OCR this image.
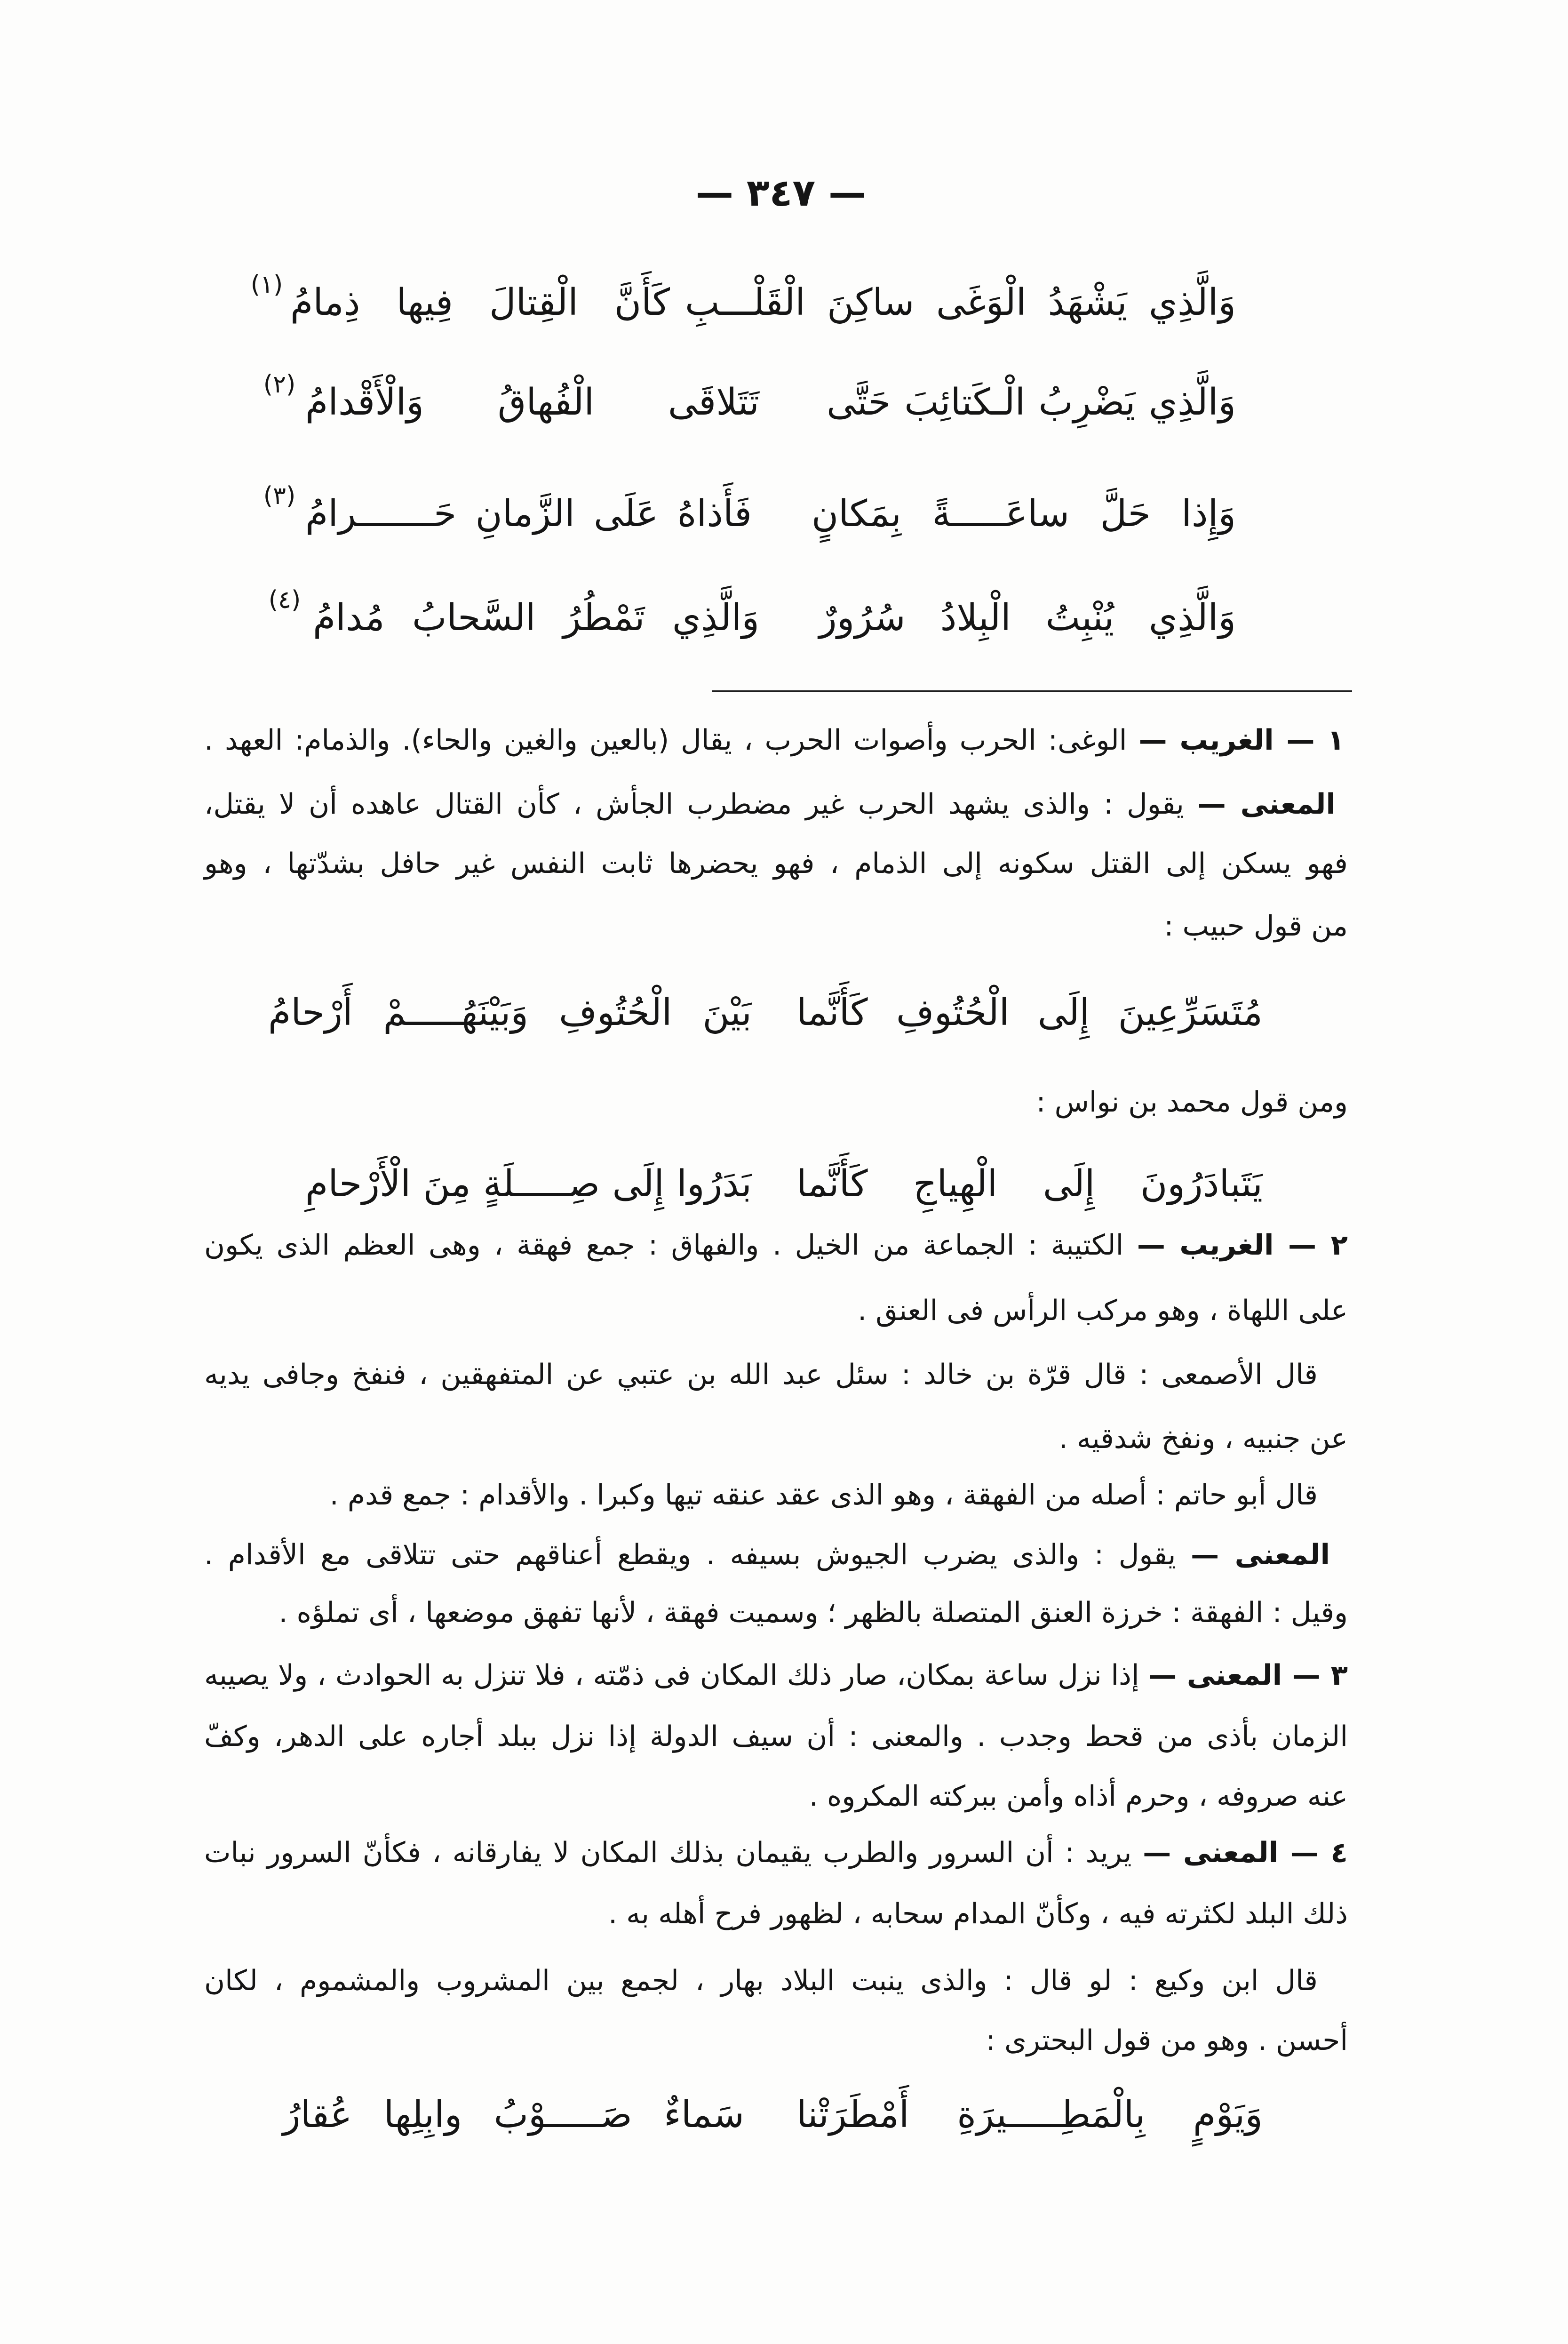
— ٣٤٧ —
وَالَّذِي يَشْهَدُ الْوَغَى ساكِنَ الْقَلْـــبِ
كَأَنَّ الْقِتالَ فِيها ذِمامُ
(١)
وَالَّذِي يَضْرِبُ الْـكَتائِبَ حَتَّى
تَتَلاقَى الْفُهاقُ وَالْأَقْدامُ
(٢)
وَإِذا حَلَّ ساعَـــــةً بِمَكانٍ
فَأَذاهُ عَلَى الزَّمانِ حَـــــــرامُ
(٣)
وَالَّذِي يُنْبِتُ الْبِلادُ سُرُورٌ
وَالَّذِي تَمْطُرُ السَّحابُ مُدامُ
(٤)
١ — الغريب — الوغى: الحرب وأصوات الحرب ، يقال (بالعين والغين والحاء). والذمام: العهد .
المعنى — يقول : والذى يشهد الحرب غير مضطرب الجأش ، كأن القتال عاهده أن لا يقتل،
فهو يسكن إلى القتل سكونه إلى الذمام ، فهو يحضرها ثابت النفس غير حافل بشدّتها ، وهو
من قول حبيب :
مُتَسَرِّعِينَ إِلَى الْحُتُوفِ كَأَنَّما
بَيْنَ الْحُتُوفِ وَبَيْنَهُـــــمْ أَرْحامُ
ومن قول محمد بن نواس :
يَتَبادَرُونَ إِلَى الْهِياجِ كَأَنَّما
بَدَرُوا إِلَى صِـــــلَةٍ مِنَ الْأَرْحامِ
٢ — الغريب — الكتيبة : الجماعة من الخيل . والفهاق : جمع فهقة ، وهى العظم الذى يكون
على اللهاة ، وهو مركب الرأس فى العنق .
قال الأصمعى : قال قرّة بن خالد : سئل عبد الله بن عتبي عن المتفهقين ، فنفخ وجافى يديه
عن جنبيه ، ونفخ شدقيه .
قال أبو حاتم : أصله من الفهقة ، وهو الذى عقد عنقه تيها وكبرا . والأقدام : جمع قدم .
المعنى — يقول : والذى يضرب الجيوش بسيفه . ويقطع أعناقهم حتى تتلاقى مع الأقدام .
وقيل : الفهقة : خرزة العنق المتصلة بالظهر ؛ وسميت فهقة ، لأنها تفهق موضعها ، أى تملؤه .
٣ — المعنى — إذا نزل ساعة بمكان، صار ذلك المكان فى ذمّته ، فلا تنزل به الحوادث ، ولا يصيبه
الزمان بأذى من قحط وجدب . والمعنى : أن سيف الدولة إذا نزل ببلد أجاره على الدهر، وكفّ
عنه صروفه ، وحرم أذاه وأمن ببركته المكروه .
٤ — المعنى — يريد : أن السرور والطرب يقيمان بذلك المكان لا يفارقانه ، فكأنّ السرور نبات
ذلك البلد لكثرته فيه ، وكأنّ المدام سحابه ، لظهور فرح أهله به .
قال ابن وكيع : لو قال : والذى ينبت البلاد بهار ، لجمع بين المشروب والمشموم ، لكان
أحسن . وهو من قول البحترى :
وَيَوْمٍ بِالْمَطِـــــيرَةِ أَمْطَرَتْنا
سَماءٌ صَـــــوْبُ وابِلِها عُقارُ
